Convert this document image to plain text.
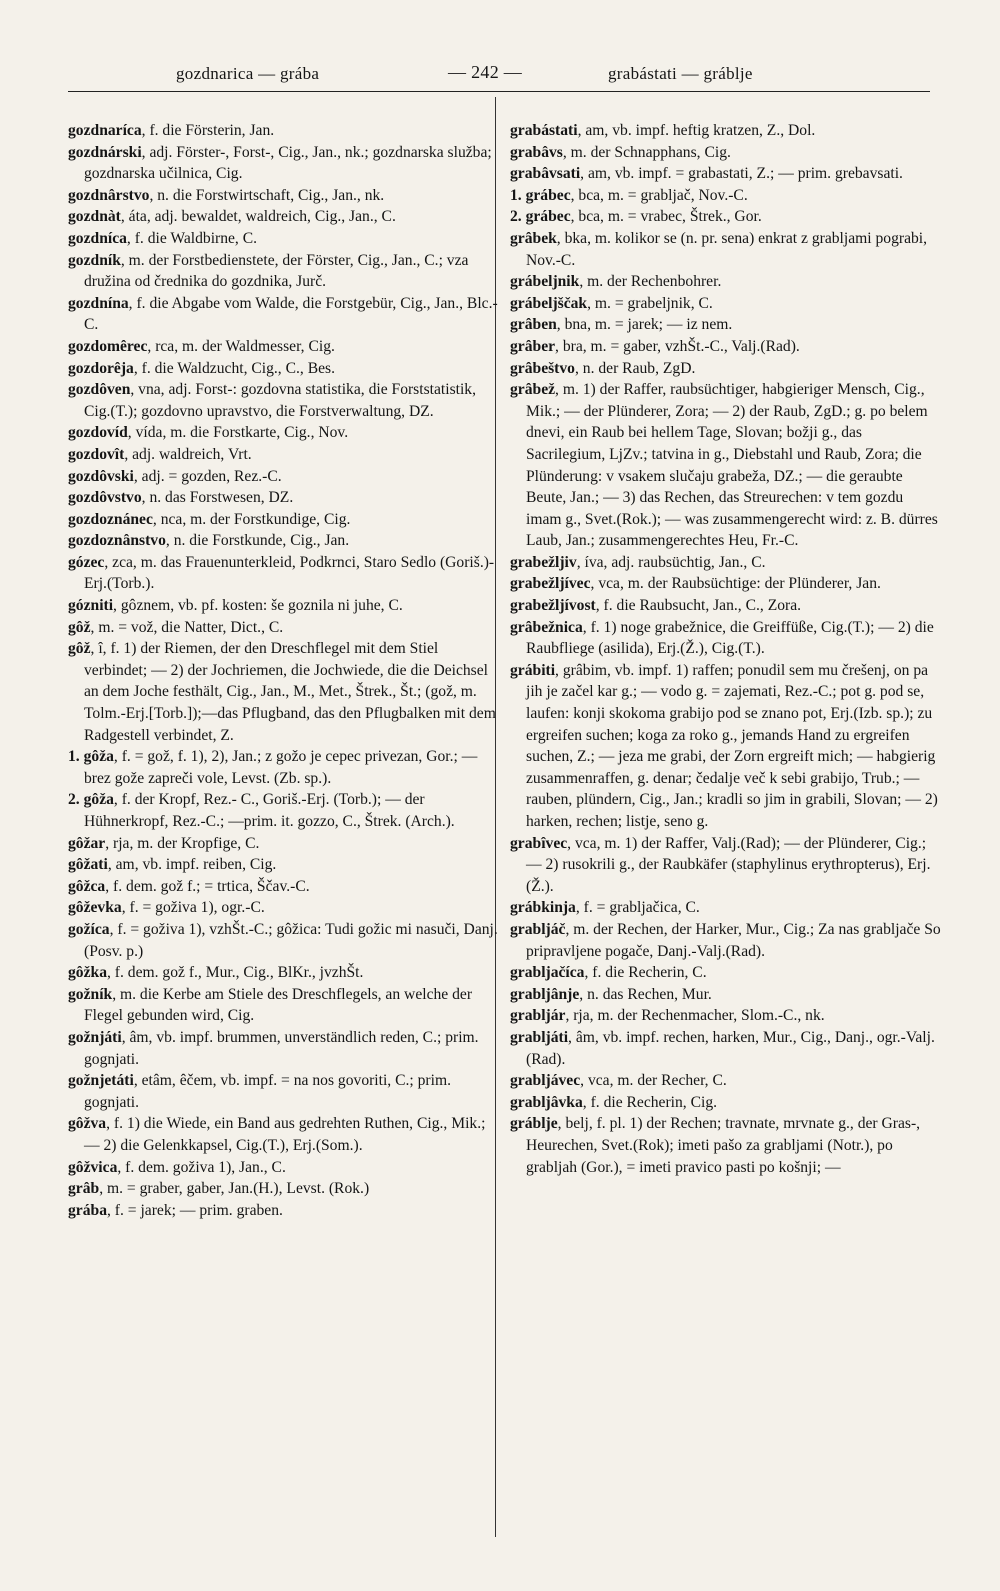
gozdnarica — grába	— 242 —	grabástati — gráblje
gozdnaríca, f. die Försterin, Jan.
gozdnárski, adj. Förster-, Forst-, Cig., Jan., nk.; gozdnarska služba; gozdnarska učilnica, Cig.
gozdnârstvo, n. die Forstwirtschaft, Cig., Jan., nk.
gozdnàt, áta, adj. bewaldet, waldreich, Cig., Jan., C.
gozdníca, f. die Waldbirne, C.
gozdník, m. der Forstbedienstete, der Förster, Cig., Jan., C.; vza družina od črednika do gozdnika, Jurč.
gozdnína, f. die Abgabe vom Walde, die Forstgebür, Cig., Jan., Blc.-C.
gozdomêrec, rca, m. der Waldmesser, Cig.
gozdorêja, f. die Waldzucht, Cig., C., Bes.
gozdôven, vna, adj. Forst-: gozdovna statistika, die Forststatistik, Cig.(T.); gozdovno upravstvo, die Forstverwaltung, DZ.
gozdovíd, vída, m. die Forstkarte, Cig., Nov.
gozdovît, adj. waldreich, Vrt.
gozdôvski, adj. = gozden, Rez.-C.
gozdôvstvo, n. das Forstwesen, DZ.
gozdoznánec, nca, m. der Forstkundige, Cig.
gozdoznânstvo, n. die Forstkunde, Cig., Jan.
gózec, zca, m. das Frauenunterkleid, Podkrnci, Staro Sedlo (Goriš.)-Erj.(Torb.).
gózniti, gôznem, vb. pf. kosten: še goznila ni juhe, C.
gôž, m. = vož, die Natter, Dict., C.
gôž, î, f. 1) der Riemen, der den Dreschflegel mit dem Stiel verbindet; — 2) der Jochriemen, die Jochwiede, die die Deichsel an dem Joche festhält, Cig., Jan., M., Met., Štrek., Št.; (gož, m. Tolm.-Erj.[Torb.]);—das Pflugband, das den Pflugbalken mit dem Radgestell verbindet, Z.
1. gôža, f. = gož, f. 1), 2), Jan.; z gožo je cepec privezan, Gor.; — brez gože zapreči vole, Levst. (Zb. sp.).
2. gôža, f. der Kropf, Rez.- C., Goriš.-Erj. (Torb.); — der Hühnerkropf, Rez.-C.; —prim. it. gozzo, C., Štrek. (Arch.).
gôžar, rja, m. der Kropfige, C.
gôžati, am, vb. impf. reiben, Cig.
gôžca, f. dem. gož f.; = trtica, Ščav.-C.
gôževka, f. = goživa 1), ogr.-C.
gožíca, f. = goživa 1), vzhŠt.-C.; gôžica: Tudi gožic mi nasuči, Danj. (Posv. p.)
gôžka, f. dem. gož f., Mur., Cig., BlKr., jvzhŠt.
gožník, m. die Kerbe am Stiele des Dreschflegels, an welche der Flegel gebunden wird, Cig.
gožnjáti, âm, vb. impf. brummen, unverständlich reden, C.; prim. gognjati.
gožnjetáti, etâm, êčem, vb. impf. = na nos govoriti, C.; prim. gognjati.
gôžva, f. 1) die Wiede, ein Band aus gedrehten Ruthen, Cig., Mik.; — 2) die Gelenkkapsel, Cig.(T.), Erj.(Som.).
gôžvica, f. dem. goživa 1), Jan., C.
grâb, m. = graber, gaber, Jan.(H.), Levst. (Rok.)
grába, f. = jarek; — prim. graben.
grabástati, am, vb. impf. heftig kratzen, Z., Dol.
grabâvs, m. der Schnapphans, Cig.
grabâvsati, am, vb. impf. = grabastati, Z.; — prim. grebavsati.
1. grábec, bca, m. = grabljač, Nov.-C.
2. grábec, bca, m. = vrabec, Štrek., Gor.
grâbek, bka, m. kolikor se (n. pr. sena) enkrat z grabljami pograbi, Nov.-C.
grábeljnik, m. der Rechenbohrer.
grábeljščak, m. = grabeljnik, C.
grâben, bna, m. = jarek; — iz nem.
grâber, bra, m. = gaber, vzhŠt.-C., Valj.(Rad).
grâbeštvo, n. der Raub, ZgD.
grâbež, m. 1) der Raffer, raubsüchtiger, habgieriger Mensch, Cig., Mik.; — der Plünderer, Zora; — 2) der Raub, ZgD.; g. po belem dnevi, ein Raub bei hellem Tage, Slovan; božji g., das Sacrilegium, LjZv.; tatvina in g., Diebstahl und Raub, Zora; die Plünderung: v vsakem slučaju grabeža, DZ.; — die geraubte Beute, Jan.; — 3) das Rechen, das Streurechen: v tem gozdu imam g., Svet.(Rok.); — was zusammengerecht wird: z. B. dürres Laub, Jan.; zusammengerechtes Heu, Fr.-C.
grabežljiv, íva, adj. raubsüchtig, Jan., C.
grabežljívec, vca, m. der Raubsüchtige: der Plünderer, Jan.
grabežljívost, f. die Raubsucht, Jan., C., Zora.
grâbežnica, f. 1) noge grabežnice, die Greiffüße, Cig.(T.); — 2) die Raubfliege (asilida), Erj.(Ž.), Cig.(T.).
grábiti, grâbim, vb. impf. 1) raffen; ponudil sem mu črešenj, on pa jih je začel kar g.; — vodo g. = zajemati, Rez.-C.; pot g. pod se, laufen: konji skokoma grabijo pod se znano pot, Erj.(Izb. sp.); zu ergreifen suchen; koga za roko g., jemands Hand zu ergreifen suchen, Z.; — jeza me grabi, der Zorn ergreift mich; — habgierig zusammenraffen, g. denar; čedalje več k sebi grabijo, Trub.; — rauben, plündern, Cig., Jan.; kradli so jim in grabili, Slovan; — 2) harken, rechen; listje, seno g.
grabîvec, vca, m. 1) der Raffer, Valj.(Rad); — der Plünderer, Cig.; — 2) rusokrili g., der Raubkäfer (staphylinus erythropterus), Erj.(Ž.).
grábkinja, f. = grabljačica, C.
grabljáč, m. der Rechen, der Harker, Mur., Cig.; Za nas grabljače So pripravljene pogače, Danj.-Valj.(Rad).
grabljačíca, f. die Recherin, C.
grabljânje, n. das Rechen, Mur.
grabljár, rja, m. der Rechenmacher, Slom.-C., nk.
grabljáti, âm, vb. impf. rechen, harken, Mur., Cig., Danj., ogr.-Valj.(Rad).
grabljávec, vca, m. der Recher, C.
grabljâvka, f. die Recherin, Cig.
gráblje, belj, f. pl. 1) der Rechen; travnate, mrvnate g., der Gras-, Heurechen, Svet.(Rok); imeti pašo za grabljami (Notr.), po grabljah (Gor.), = imeti pravico pasti po košnji; —
